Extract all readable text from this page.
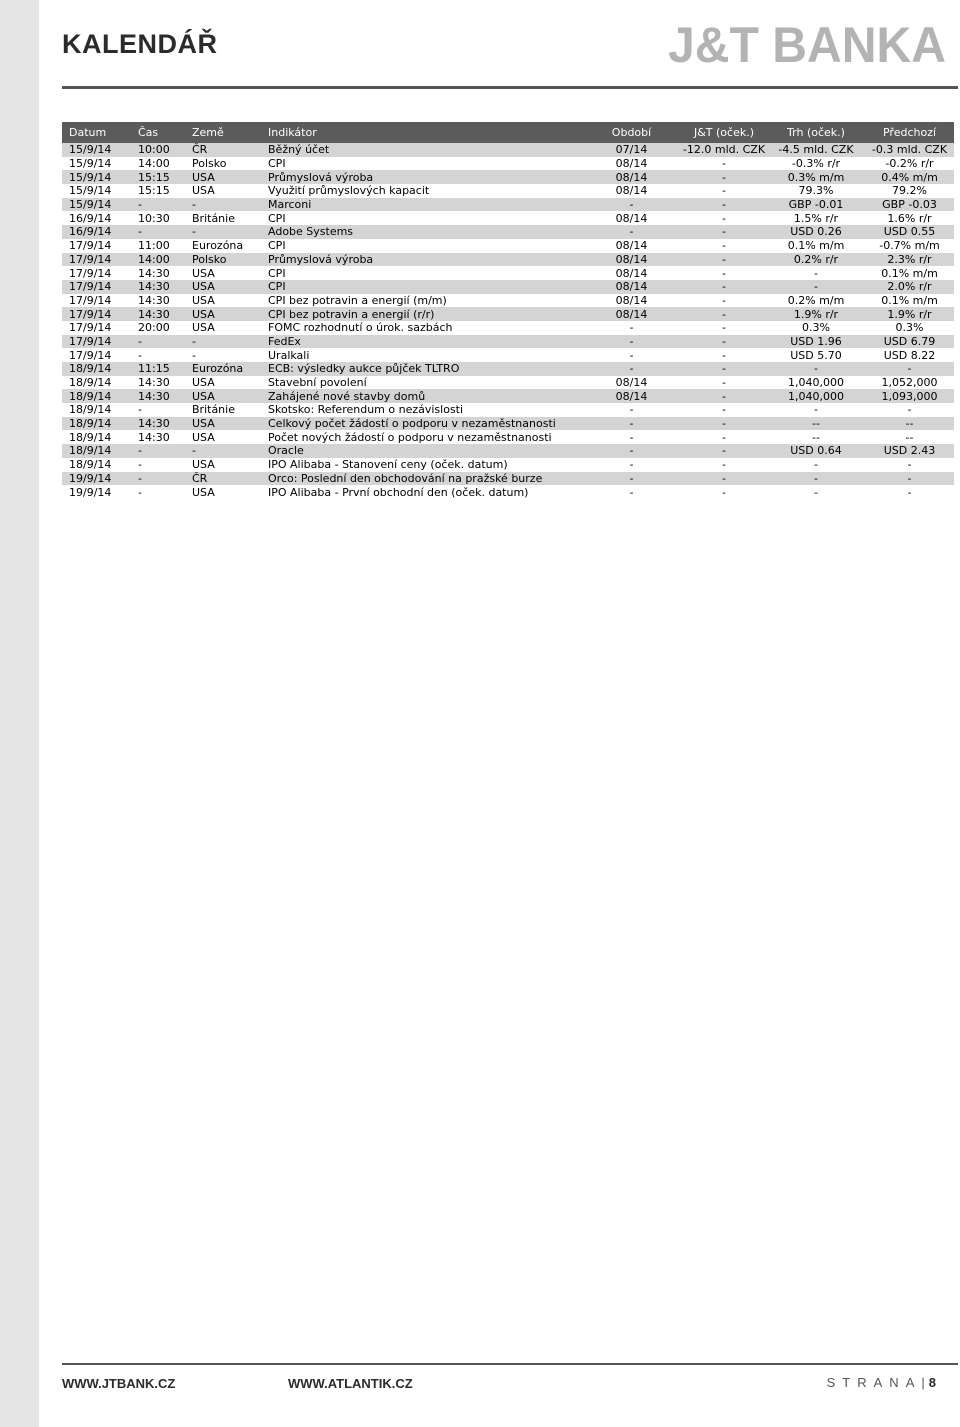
KALENDÁŘ	J&T BANKA
Datum	Čas	Země	Indikátor	Období	J&T (oček.)	Trh (oček.)	Předchozí
15/9/14	10:00	ČR	Běžný účet	07/14	-12.0 mld. CZK	-4.5 mld. CZK	-0.3 mld. CZK
15/9/14	14:00	Polsko	CPI	08/14	-	-0.3% r/r	-0.2% r/r
15/9/14	15:15	USA	Průmyslová výroba	08/14	-	0.3% m/m	0.4% m/m
15/9/14	15:15	USA	Využití průmyslových kapacit	08/14	-	79.3%	79.2%
15/9/14	-	-	Marconi	-	-	GBP -0.01	GBP -0.03
16/9/14	10:30	Británie	CPI	08/14	-	1.5% r/r	1.6% r/r
16/9/14	-	-	Adobe Systems	-	-	USD 0.26	USD 0.55
17/9/14	11:00	Eurozóna	CPI	08/14	-	0.1% m/m	-0.7% m/m
17/9/14	14:00	Polsko	Průmyslová výroba	08/14	-	0.2% r/r	2.3% r/r
17/9/14	14:30	USA	CPI	08/14	-	-	0.1% m/m
17/9/14	14:30	USA	CPI	08/14	-	-	2.0% r/r
17/9/14	14:30	USA	CPI bez potravin a energií (m/m)	08/14	-	0.2% m/m	0.1% m/m
17/9/14	14:30	USA	CPI bez potravin a energií (r/r)	08/14	-	1.9% r/r	1.9% r/r
17/9/14	20:00	USA	FOMC rozhodnutí o úrok. sazbách	-	-	0.3%	0.3%
17/9/14	-	-	FedEx	-	-	USD 1.96	USD 6.79
17/9/14	-	-	Uralkali	-	-	USD 5.70	USD 8.22
18/9/14	11:15	Eurozóna	ECB: výsledky aukce půjček TLTRO	-	-	-	-
18/9/14	14:30	USA	Stavební povolení	08/14	-	1,040,000	1,052,000
18/9/14	14:30	USA	Zahájené nové stavby domů	08/14	-	1,040,000	1,093,000
18/9/14	-	Británie	Skotsko: Referendum o nezávislosti	-	-	-	-
18/9/14	14:30	USA	Celkový počet žádostí o podporu v nezaměstnanosti	-	-	--	--
18/9/14	14:30	USA	Počet nových žádostí o podporu v nezaměstnanosti	-	-	--	--
18/9/14	-	-	Oracle	-	-	USD 0.64	USD 2.43
18/9/14	-	USA	IPO Alibaba - Stanovení ceny (oček. datum)	-	-	-	-
19/9/14	-	ČR	Orco: Poslední den obchodování na pražské burze	-	-	-	-
19/9/14	-	USA	IPO Alibaba - První obchodní den (oček. datum)	-	-	-	-
WWW.JTBANK.CZ	WWW.ATLANTIK.CZ	STRANA| 8
